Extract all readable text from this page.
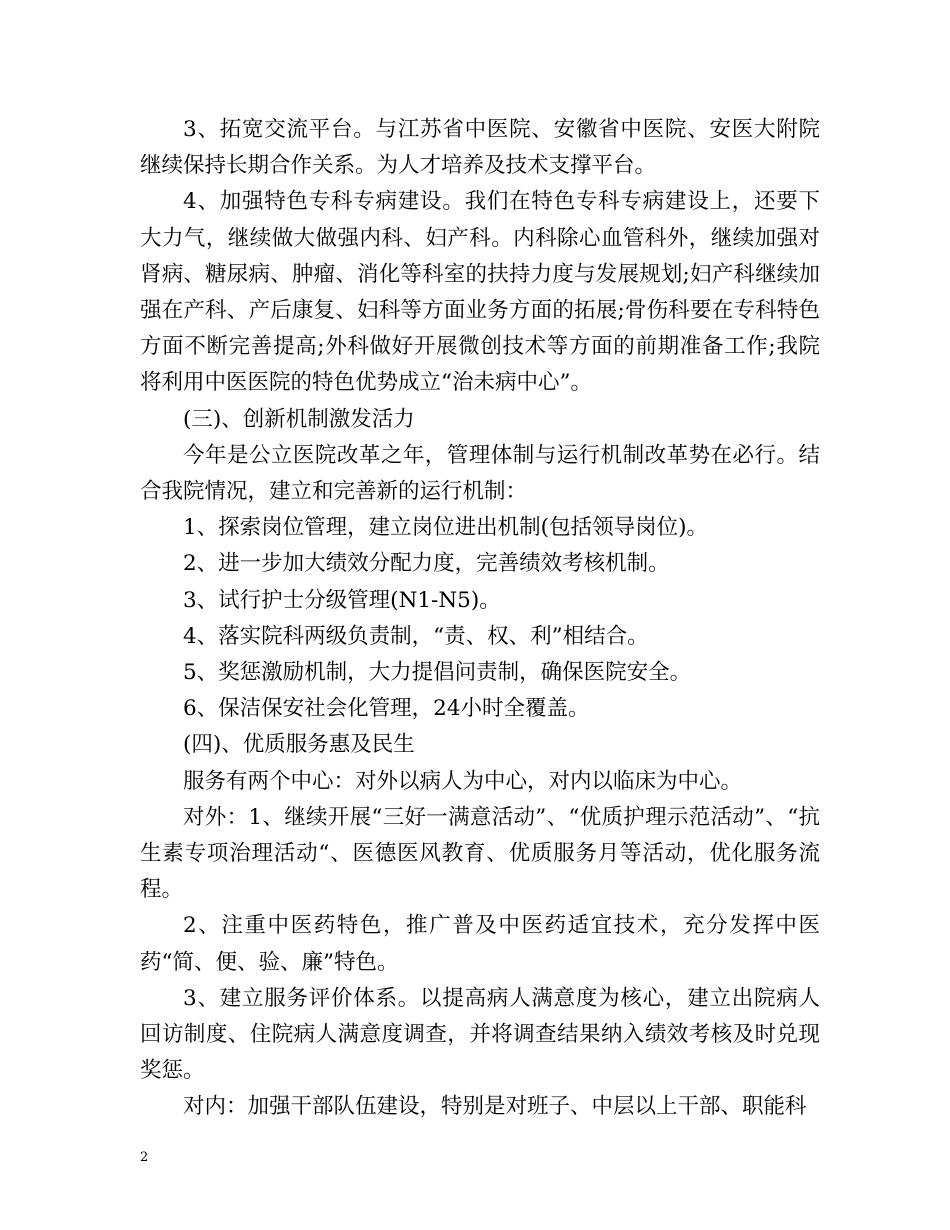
3、拓宽交流平台。与江苏省中医院、安徽省中医院、安医大附院继续保持长期合作关系。为人才培养及技术支撑平台。

4、加强特色专科专病建设。我们在特色专科专病建设上，还要下大力气，继续做大做强内科、妇产科。内科除心血管科外，继续加强对肾病、糖尿病、肿瘤、消化等科室的扶持力度与发展规划;妇产科继续加强在产科、产后康复、妇科等方面业务方面的拓展;骨伤科要在专科特色方面不断完善提高;外科做好开展微创技术等方面的前期准备工作;我院将利用中医医院的特色优势成立“治未病中心”。

(三)、创新机制激发活力

今年是公立医院改革之年，管理体制与运行机制改革势在必行。结合我院情况，建立和完善新的运行机制：

1、探索岗位管理，建立岗位进出机制(包括领导岗位)。

2、进一步加大绩效分配力度，完善绩效考核机制。

3、试行护士分级管理(N1-N5)。

4、落实院科两级负责制，“责、权、利”相结合。

5、奖惩激励机制，大力提倡问责制，确保医院安全。

6、保洁保安社会化管理，24小时全覆盖。

(四)、优质服务惠及民生

服务有两个中心：对外以病人为中心，对内以临床为中心。

对外：1、继续开展“三好一满意活动”、“优质护理示范活动”、“抗生素专项治理活动“、医德医风教育、优质服务月等活动，优化服务流程。

2、注重中医药特色，推广普及中医药适宜技术，充分发挥中医药“简、便、验、廉”特色。

3、建立服务评价体系。以提高病人满意度为核心，建立出院病人回访制度、住院病人满意度调查，并将调查结果纳入绩效考核及时兑现奖惩。

对内：加强干部队伍建设，特别是对班子、中层以上干部、职能科

2
